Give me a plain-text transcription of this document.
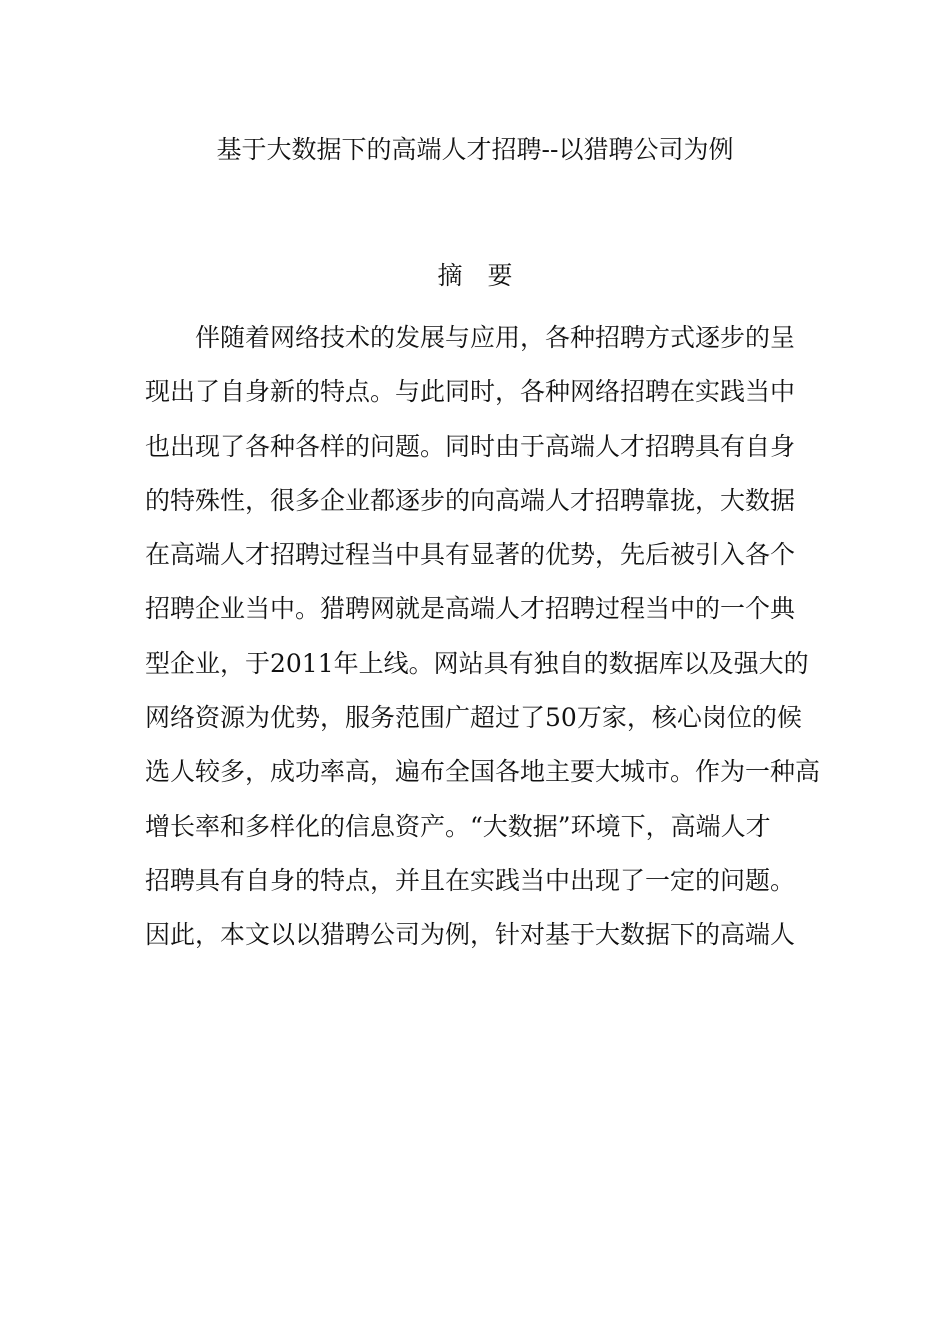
基于大数据下的高端人才招聘--以猎聘公司为例
摘　要
伴随着网络技术的发展与应用，各种招聘方式逐步的呈
现出了自身新的特点。与此同时，各种网络招聘在实践当中
也出现了各种各样的问题。同时由于高端人才招聘具有自身
的特殊性，很多企业都逐步的向高端人才招聘靠拢，大数据
在高端人才招聘过程当中具有显著的优势，先后被引入各个
招聘企业当中。猎聘网就是高端人才招聘过程当中的一个典
型企业，于2011年上线。网站具有独自的数据库以及强大的
网络资源为优势，服务范围广超过了50万家，核心岗位的候
选人较多，成功率高，遍布全国各地主要大城市。作为一种高
增长率和多样化的信息资产。“大数据”环境下，高端人才
招聘具有自身的特点，并且在实践当中出现了一定的问题。
因此，本文以以猎聘公司为例，针对基于大数据下的高端人
